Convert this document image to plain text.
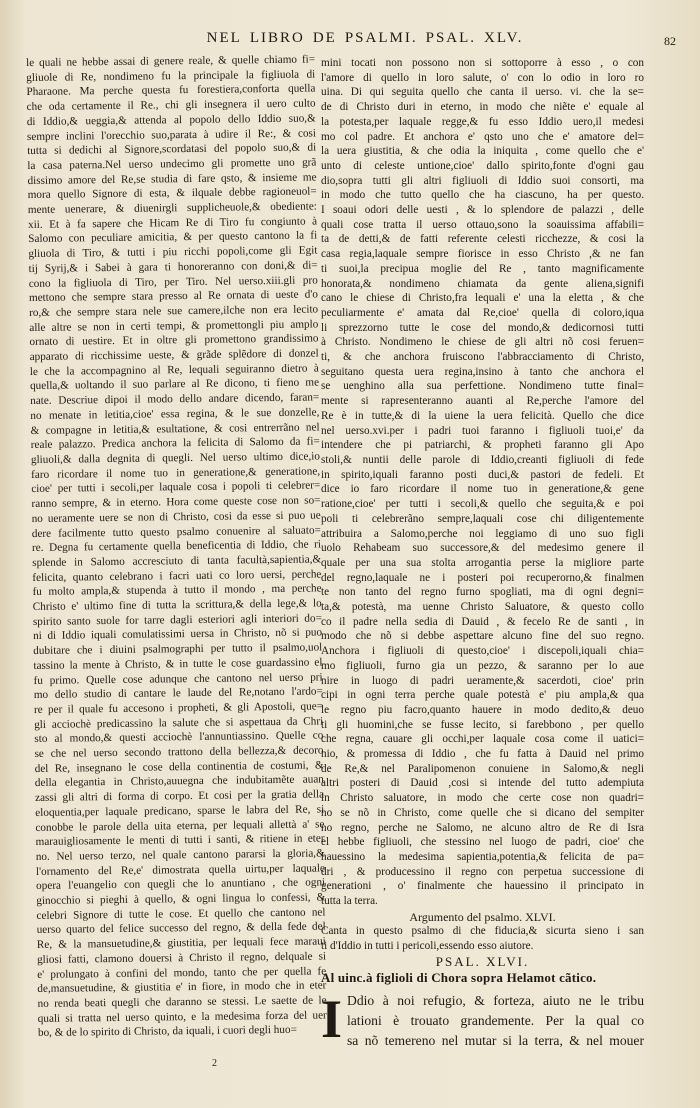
NEL LIBRO DE PSALMI. PSAL. XLV.	82
le quali ne hebbe assai di genere reale, & quelle chiamo fi=
gliuole di Re, nondimeno fu la principale la figliuola di
Pharaone. Ma perche questa fu forestiera,conforta quella
che oda certamente il Re., chi gli insegnera il uero culto
di Iddio,& ueggia,& attenda al popolo dello Iddio suo,&
sempre inclini l'orecchio suo,parata à udire il Re:, & cosi
tutta si dedichi al Signore,scordatasi del popolo suo,& di
la casa paterna.Nel uerso undecimo gli promette uno grã
dissimo amore del Re,se studia di fare qsto, & insieme me
mora quello Signore di esta, & ilquale debbe ragioneuol=
mente uenerare, & diuenirgli supplicheuole,& obediente:
xii. Et à fa sapere che Hicam Re di Tiro fu congiunto à
Salomo con peculiare amicitia, & per questo cantono la fi
gliuola di Tiro, & tutti i piu ricchi popoli,come gli Egit
tij Syrij,& i Sabei à gara ti honoreranno con doni,& di=
cono la figliuola di Tiro, per Tiro. Nel uerso.xiii.gli pro
mettono che sempre stara presso al Re ornata di ueste d'o
ro,& che sempre stara nele sue camere,ilche non era lecito
alle altre se non in certi tempi, & promettongli piu amplo
ornato di uestire. Et in oltre gli promettono grandissimo
apparato di ricchissime ueste, & grãde splẽdore di donzel
le che la accompagnino al Re, lequali seguiranno dietro à
quella,& uoltando il suo parlare al Re dicono, ti fieno me
nate. Descriue dipoi il modo dello andare dicendo, faran=
no menate in letitia,cioe' essa regina, & le sue donzelle,
& compagne in letitia,& esultatione, & cosi entrerrãno nel
reale palazzo. Predica anchora la felicita di Salomo da fi=
gliuoli,& dalla degnita di quegli. Nel uerso ultimo dice,io
faro ricordare il nome tuo in generatione,& generatione,
cioe' per tutti i secoli,per laquale cosa i popoli ti celebrer=
ranno sempre, & in eterno. Hora come queste cose non so=
no ueramente uere se non di Christo, cosi da esse si puo ue
dere facilmente tutto questo psalmo conuenire al saluato=
re. Degna fu certamente quella beneficentia di Iddio, che ri
splende in Salomo accresciuto di tanta facultà,sapientia,&
felicita, quanto celebrano i facri uati co loro uersi, perche
fu molto ampla,& stupenda à tutto il mondo , ma perche
Christo e' ultimo fine di tutta la scrittura,& della lege,& lo
spirito santo suole for tarre dagli esteriori agli interiori do=
ni di Iddio iquali comulatissimi uersa in Christo, nõ si puo
dubitare che i diuini psalmographi per tutto il psalmo,uol
tassino la mente à Christo, & in tutte le cose guardassino el
fu primo. Quelle cose adunque che cantono nel uerso pri
mo dello studio di cantare le laude del Re,notano l'ardo=
re per il quale fu accesono i propheti, & gli Apostoli, que=
gli acciochè predicassino la salute che si aspettaua da Chri
sto al mondo,& questi acciochè l'annuntiassino. Quelle co
se che nel uerso secondo trattono della bellezza,& decoro
del Re, insegnano le cose della continentia de costumi, &
della elegantia in Christo,auuegna che indubitamẽte auan
zassi gli altri di forma di corpo. Et cosi per la gratia della
eloquentia,per laquale predicano, sparse le labra del Re, si
conobbe le parole della uita eterna, per lequali allettà a' se
marauigliosamente le menti di tutti i santi, & ritiene in eter
no. Nel uerso terzo, nel quale cantono pararsi la gloria,&
l'ornamento del Re,e' dimostrata quella uirtu,per laquale
opera l'euangelio con quegli che lo anuntiano , che ogni
ginocchio si pieghi à quello, & ogni lingua lo confessi, &
celebri Signore di tutte le cose. Et quello che cantono nel
uerso quarto del felice successo del regno, & della fede del
Re, & la mansuetudine,& giustitia, per lequali fece maraui
gliosi fatti, clamono douersi à Christo il regno, delquale si
e' prolungato à confini del mondo, tanto che per quella fe
de,mansuetudine, & giustitia e' in fiore, in modo che in eter
no renda beati quegli che daranno se stessi. Le saette de le
quali si tratta nel uerso quinto, e la medesima forza del uer
bo, & de lo spirito di Christo, da iquali, i cuori degli huo=
mini tocati non possono non si sottoporre à esso , o con
l'amore di quello in loro salute, o' con lo odio in loro ro
uina. Di qui seguita quello che canta il uerso. vi. che la se=
de di Christo duri in eterno, in modo che niẽte e' equale al
la potesta,per laquale regge,& fu esso Iddio uero,il medesi
mo col padre. Et anchora e' qsto uno che e' amatore del=
la uera giustitia, & che odia la iniquita , come quello che e'
unto di celeste untione,cioe' dallo spirito,fonte d'ogni gau
dio,sopra tutti gli altri figliuoli di Iddio suoi consorti, ma
in modo che tutto quello che ha ciascuno, ha per questo.
I soaui odori delle uesti , & lo splendore de palazzi , delle
quali cose tratta il uerso ottauo,sono la soauissima affabili=
ta de detti,& de fatti referente celesti ricchezze, & cosi la
casa regia,laquale sempre fiorisce in esso Christo ,& ne fan
ti suoi,la precipua moglie del Re , tanto magnificamente
honorata,& nondimeno chiamata da gente aliena,signifi
cano le chiese di Christo,fra lequali e' una la eletta , & che
peculiarmente e' amata dal Re,cioe' quella di coloro,iqua
li sprezzorno tutte le cose del mondo,& dedicornosi tutti
à Christo. Nondimeno le chiese de gli altri nõ cosi feruen=
ti, & che anchora fruiscono l'abbracciamento di Christo,
seguitano questa uera regina,insino à tanto che anchora el
se uenghino alla sua perfettione. Nondimeno tutte final=
mente si rapresenteranno auanti al Re,perche l'amore del
Re è in tutte,& di la uiene la uera felicità. Quello che dice
nel uerso.xvi.per i padri tuoi faranno i figliuoli tuoi,e' da
intendere che pi patriarchi, & propheti faranno gli Apo
stoli,& nuntii delle parole di Iddio,creanti figliuoli di fede
in spirito,iquali faranno posti duci,& pastori de fedeli. Et
dice io faro ricordare il nome tuo in generatione,& gene
ratione,cioe' per tutti i secoli,& quello che seguita,& e poi
poli ti celebrerãno sempre,laquali cose chi diligentemente
attribuira a Salomo,perche noi leggiamo di uno suo figli
uolo Rehabeam suo successore,& del medesimo genere il
quale per una sua stolta arrogantia perse la migliore parte
del regno,laquale ne i posteri poi recuperorno,& finalmen
te non tanto del regno furno spogliati, ma di ogni degni=
ta,& potestà, ma uenne Christo Saluatore, & questo collo
co il padre nella sedia di Dauid , & fecelo Re de santi , in
modo che nõ si debbe aspettare alcuno fine del suo regno.
Anchora i figliuoli di questo,cioe' i discepoli,iquali chia=
mo figliuoli, furno gia un pezzo, & saranno per lo aue
nire in luogo di padri ueramente,& sacerdoti, cioe' prin
cipi in ogni terra perche quale potestà e' piu ampla,& qua
le regno piu facro,quanto hauere in modo dedito,& deuo
ti gli huomini,che se fusse lecito, si farebbono , per quello
che regna, cauare gli occhi,per laquale cosa come il uatici=
nio, & promessa di Iddio , che fu fatta à Dauid nel primo
de Re,& nel Paralipomenon conuiene in Salomo,& negli
altri posteri di Dauid ,cosi si intende del tutto adempiuta
in Christo saluatore, in modo che certe cose non quadri=
no se nõ in Christo, come quelle che si dicano del sempiter
no regno, perche ne Salomo, ne alcuno altro de Re di Isra
el hebbe figliuoli, che stessino nel luogo de padri, cioe' che
hauessino la medesima sapientia,potentia,& felicita de pa=
dri , & producessino il regno con perpetua successione di
generationi , o' finalmente che hauessino il principato in
tutta la terra.
Argumento del psalmo. XLVI.
Canta in questo psalmo di che fiducia,& sicurta sieno i san
ti d'Iddio in tutti i pericoli,essendo esso aiutore.
PSAL. XLVI.
Al uinc.à figlioli di Chora sopra Helamot cãtico.
I Ddio à noi refugio, & forteza, aiuto ne le tribu
lationi è trouato grandemente. Per la qual co
sa nõ temereno nel mutar si la terra, & nel mouer
2
